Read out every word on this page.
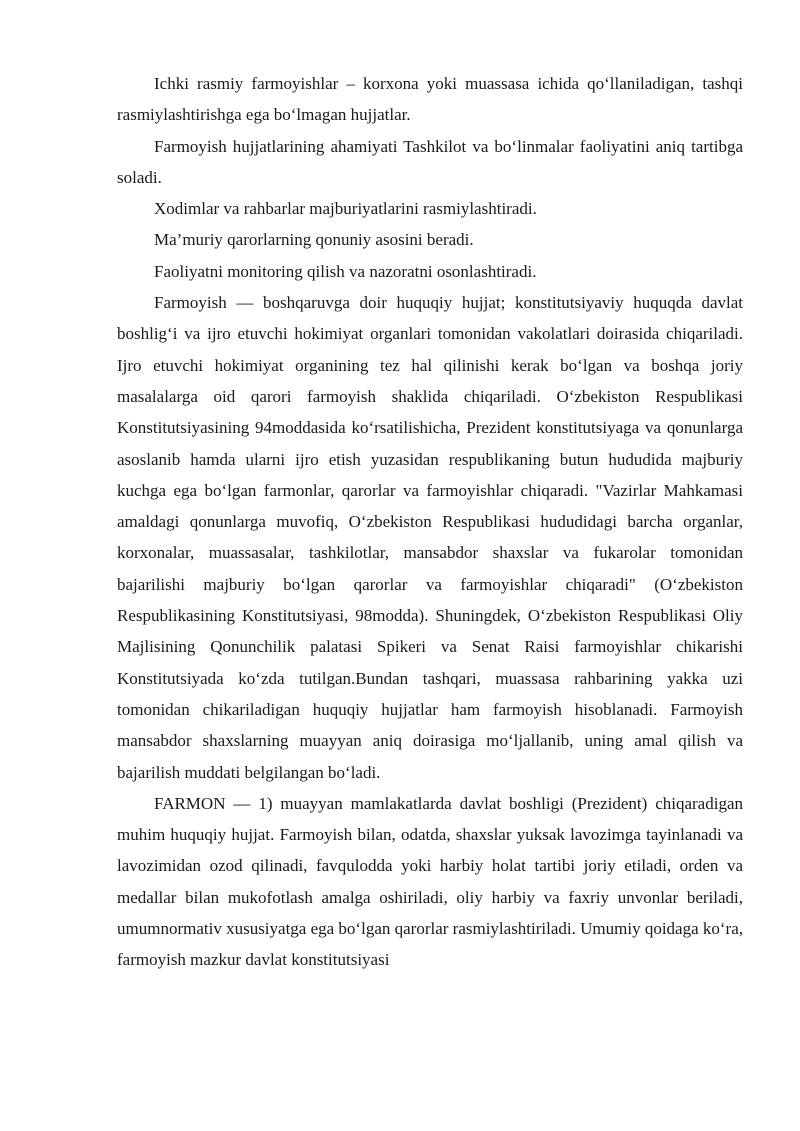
Ichki rasmiy farmoyishlar – korxona yoki muassasa ichida qo‘llaniladigan, tashqi rasmiylashtirishga ega bo‘lmagan hujjatlar.

Farmoyish hujjatlarining ahamiyati Tashkilot va bo‘linmalar faoliyatini aniq tartibga soladi.

Xodimlar va rahbarlar majburiyatlarini rasmiylashtiradi.

Ma’muriy qarorlarning qonuniy asosini beradi.

Faoliyatni monitoring qilish va nazoratni osonlashtiradi.

Farmoyish — boshqaruvga doir huquqiy hujjat; konstitutsiyaviy huquqda davlat boshlig‘i va ijro etuvchi hokimiyat organlari tomonidan vakolatlari doirasida chiqariladi. Ijro etuvchi hokimiyat organining tez hal qilinishi kerak bo‘lgan va boshqa joriy masalalarga oid qarori farmoyish shaklida chiqariladi. O‘zbekiston Respublikasi Konstitutsiyasining 94moddasida ko‘rsatilishicha, Prezident konstitutsiyaga va qonunlarga asoslanib hamda ularni ijro etish yuzasidan respublikaning butun hududida majburiy kuchga ega bo‘lgan farmonlar, qarorlar va farmoyishlar chiqaradi. "Vazirlar Mahkamasi amaldagi qonunlarga muvofiq, O‘zbekiston Respublikasi hududidagi barcha organlar, korxonalar, muassasalar, tashkilotlar, mansabdor shaxslar va fukarolar tomonidan bajarilishi majburiy bo‘lgan qarorlar va farmoyishlar chiqaradi" (O‘zbekiston Respublikasining Konstitutsiyasi, 98modda). Shuningdek, O‘zbekiston Respublikasi Oliy Majlisining Qonunchilik palatasi Spikeri va Senat Raisi farmoyishlar chikarishi Konstitutsiyada ko‘zda tutilgan.Bundan tashqari, muassasa rahbarining yakka uzi tomonidan chikariladigan huquqiy hujjatlar ham farmoyish hisoblanadi. Farmoyish mansabdor shaxslarning muayyan aniq doirasiga mo‘ljallanib, uning amal qilish va bajarilish muddati belgilangan bo‘ladi.

FARMON — 1) muayyan mamlakatlarda davlat boshligi (Prezident) chiqaradigan muhim huquqiy hujjat. Farmoyish bilan, odatda, shaxslar yuksak lavozimga tayinlanadi va lavozimidan ozod qilinadi, favqulodda yoki harbiy holat tartibi joriy etiladi, orden va medallar bilan mukofotlash amalga oshiriladi, oliy harbiy va faxriy unvonlar beriladi, umumnormativ xususiyatga ega bo‘lgan qarorlar rasmiylashtiriladi. Umumiy qoidaga ko‘ra, farmoyish mazkur davlat konstitutsiyasi
